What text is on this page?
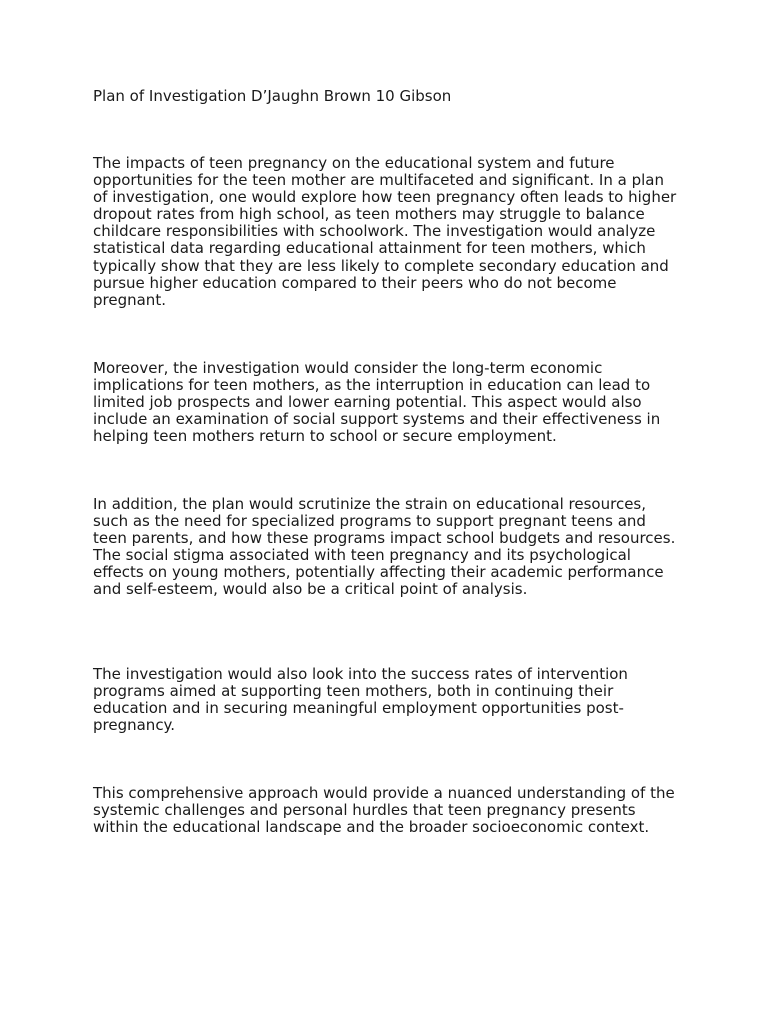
Plan of Investigation D’Jaughn Brown 10 Gibson

The impacts of teen pregnancy on the educational system and future opportunities for the teen mother are multifaceted and significant. In a plan of investigation, one would explore how teen pregnancy often leads to higher dropout rates from high school, as teen mothers may struggle to balance childcare responsibilities with schoolwork. The investigation would analyze statistical data regarding educational attainment for teen mothers, which typically show that they are less likely to complete secondary education and pursue higher education compared to their peers who do not become pregnant.

Moreover, the investigation would consider the long-term economic implications for teen mothers, as the interruption in education can lead to limited job prospects and lower earning potential. This aspect would also include an examination of social support systems and their effectiveness in helping teen mothers return to school or secure employment.

In addition, the plan would scrutinize the strain on educational resources, such as the need for specialized programs to support pregnant teens and teen parents, and how these programs impact school budgets and resources. The social stigma associated with teen pregnancy and its psychological effects on young mothers, potentially affecting their academic performance and self-esteem, would also be a critical point of analysis.

The investigation would also look into the success rates of intervention programs aimed at supporting teen mothers, both in continuing their education and in securing meaningful employment opportunities post-pregnancy.

This comprehensive approach would provide a nuanced understanding of the systemic challenges and personal hurdles that teen pregnancy presents within the educational landscape and the broader socioeconomic context.
